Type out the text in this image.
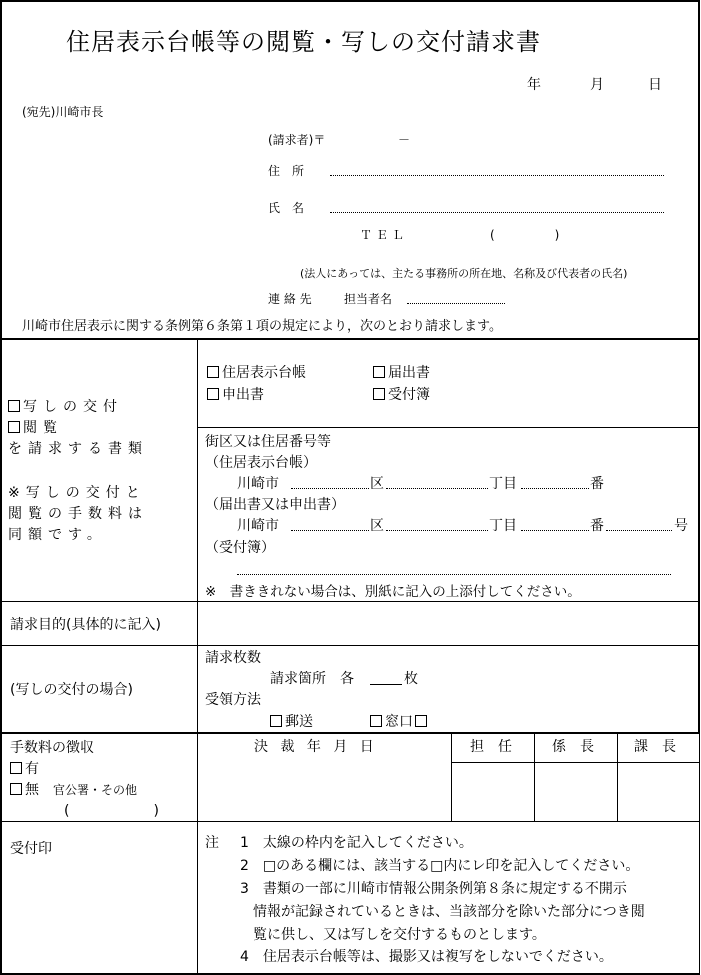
住居表示台帳等の閲覧・写しの交付請求書
年	月	日
(宛先)川崎市長
(請求者)〒	－
住　所
氏　名
ＴＥＬ	(　　　　　)
(法人にあっては、主たる事務所の所在地、名称及び代表者の氏名)
連 絡 先	担当者名
川崎市住居表示に関する条例第６条第１項の規定により，次のとおり請求します。
写しの交付
閲覧
を請求する書類
※写しの交付と
閲覧の手数料は
同額です。
住居表示台帳	届出書
申出書	受付簿
街区又は住居番号等
（住居表示台帳）
川崎市	区	丁目	番
（届出書又は申出書）
川崎市	区	丁目	番	号
（受付簿）
※　書ききれない場合は、別紙に記入の上添付してください。
請求目的(具体的に記入)
(写しの交付の場合)
請求枚数
請求箇所　各	枚
受領方法
郵送	窓口
手数料の徴収
有
無 官公署・その他
(　　　　　　)
決 裁 年 月 日	担　任	係　長	課　長
受付印	注 1　 太線の枠内を記入してください。
2　 □のある欄には、該当する□内にレ印を記入してください。
3　 書類の一部に川崎市情報公開条例第８条に規定する不開示
情報が記録されているときは、当該部分を除いた部分につき閲
覧に供し、又は写しを交付するものとします。
4　 住居表示台帳等は、撮影又は複写をしないでください。
